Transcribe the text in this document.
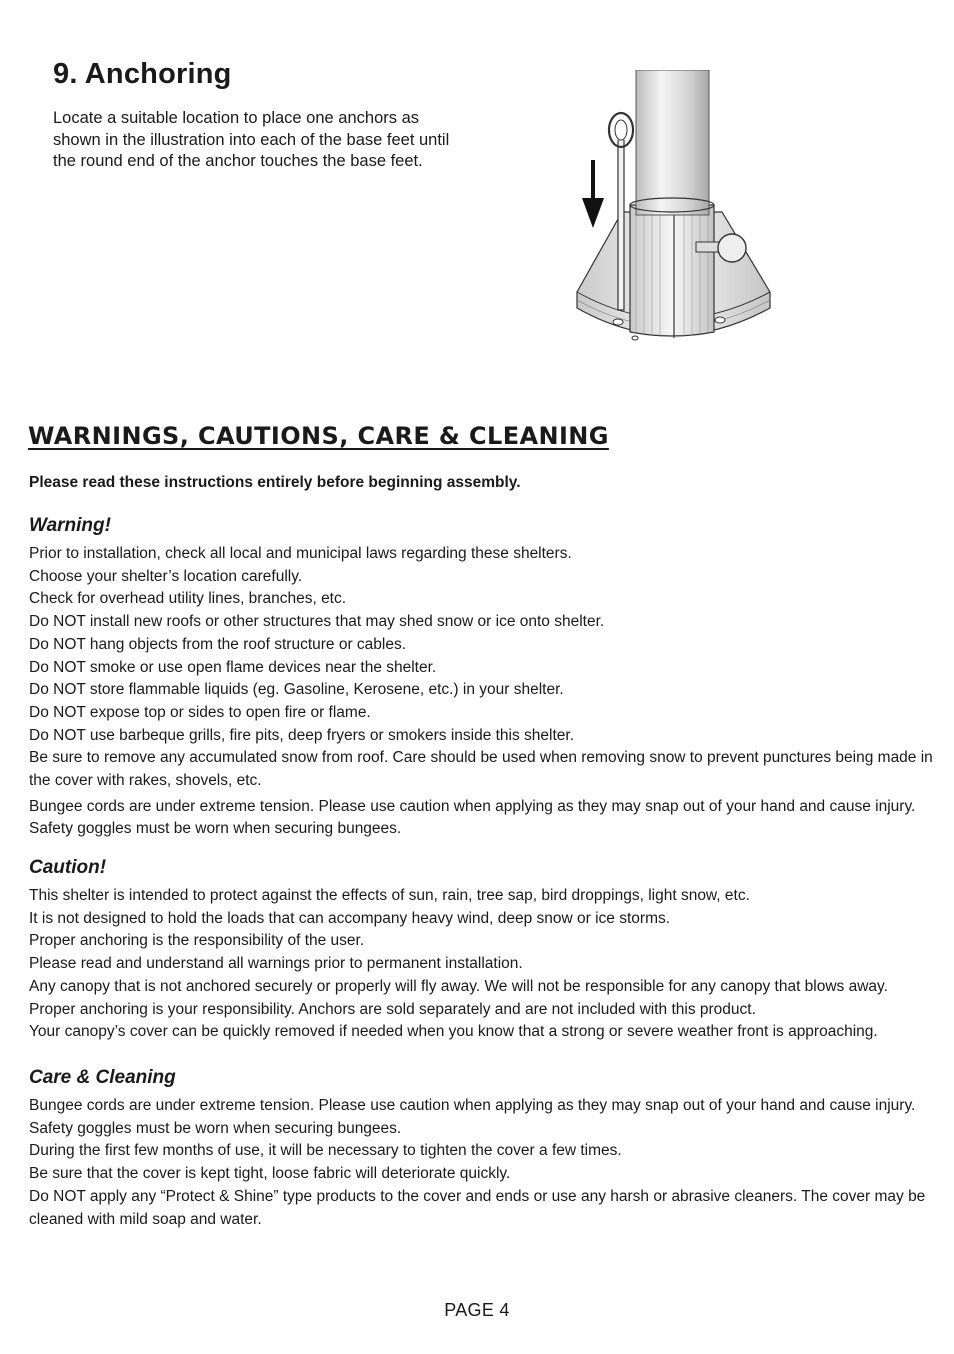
9. Anchoring
Locate a suitable location to place one anchors as shown in the illustration into each of the base feet until the round end of the anchor touches the base feet.
WARNINGS, CAUTIONS, CARE & CLEANING
Please read these instructions entirely before beginning assembly.
Warning!
Prior to installation, check all local and municipal laws regarding these shelters.
Choose your shelter’s location carefully.
Check for overhead utility lines, branches, etc.
Do NOT install new roofs or other structures that may shed snow or ice onto shelter.
Do NOT hang objects from the roof structure or cables.
Do NOT smoke or use open flame devices near the shelter.
Do NOT store flammable liquids (eg. Gasoline, Kerosene, etc.) in your shelter.
Do NOT expose top or sides to open fire or flame.
Do NOT use barbeque grills, fire pits, deep fryers or smokers inside this shelter.
Be sure to remove any accumulated snow from roof. Care should be used when removing snow to prevent punctures being made in the cover with rakes, shovels, etc.
Bungee cords are under extreme tension. Please use caution when applying as they may snap out of your hand and cause injury. Safety goggles must be worn when securing bungees.
Caution!
This shelter is intended to protect against the effects of sun, rain, tree sap, bird droppings, light snow, etc.
It is not designed to hold the loads that can accompany heavy wind, deep snow or ice storms.
Proper anchoring is the responsibility of the user.
Please read and understand all warnings prior to permanent installation.
Any canopy that is not anchored securely or properly will fly away. We will not be responsible for any canopy that blows away.
Proper anchoring is your responsibility. Anchors are sold separately and are not included with this product.
Your canopy’s cover can be quickly removed if needed when you know that a strong or severe weather front is approaching.
Care & Cleaning
Bungee cords are under extreme tension. Please use caution when applying as they may snap out of your hand and cause injury. Safety goggles must be worn when securing bungees.
During the first few months of use, it will be necessary to tighten the cover a few times.
Be sure that the cover is kept tight, loose fabric will deteriorate quickly.
Do NOT apply any “Protect & Shine” type products to the cover and ends or use any harsh or abrasive cleaners. The cover may be cleaned with mild soap and water.
PAGE 4
